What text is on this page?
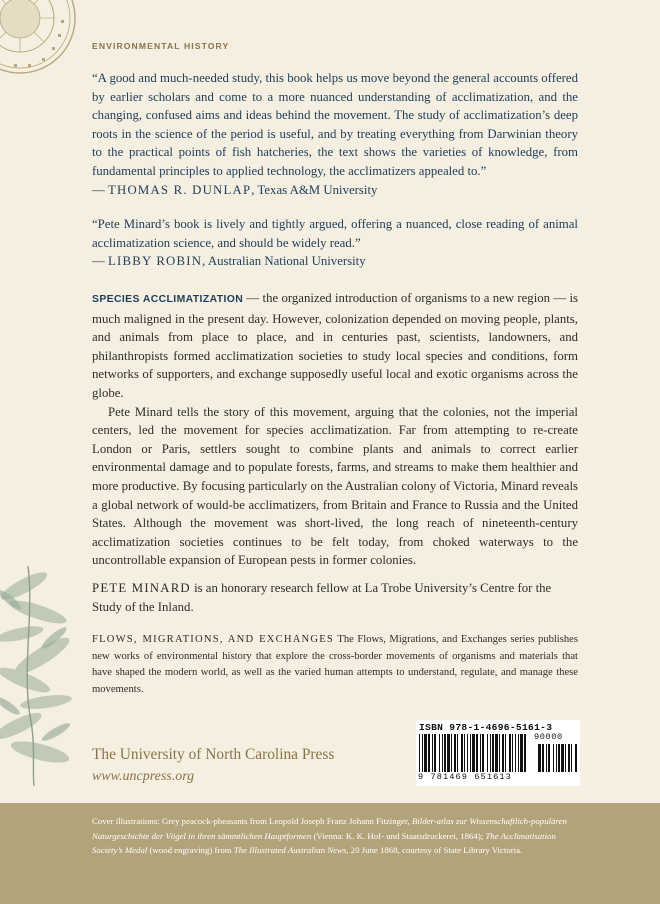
ENVIRONMENTAL HISTORY

“A good and much-needed study, this book helps us move beyond the general accounts offered by earlier scholars and come to a more nuanced understanding of acclimatization, and the changing, confused aims and ideas behind the movement. The study of acclimatization’s deep roots in the science of the period is useful, and by treating everything from Darwinian theory to the practical points of fish hatcheries, the text shows the varieties of knowledge, from fundamental principles to applied technology, the acclimatizers appealed to.”

— THOMAS R. DUNLAP, Texas A&M University

“Pete Minard’s book is lively and tightly argued, offering a nuanced, close reading of animal acclimatization science, and should be widely read.”

— LIBBY ROBIN, Australian National University

SPECIES ACCLIMATIZATION — the organized introduction of organisms to a new region — is much maligned in the present day. However, colonization depended on moving people, plants, and animals from place to place, and in centuries past, scientists, landowners, and philanthropists formed acclimatization societies to study local species and conditions, form networks of supporters, and exchange supposedly useful local and exotic organisms across the globe.

Pete Minard tells the story of this movement, arguing that the colonies, not the imperial centers, led the movement for species acclimatization. Far from attempting to re-create London or Paris, settlers sought to combine plants and animals to correct earlier environmental damage and to populate forests, farms, and streams to make them healthier and more productive. By focusing particularly on the Australian colony of Victoria, Minard reveals a global network of would-be acclimatizers, from Britain and France to Russia and the United States. Although the movement was short-lived, the long reach of nineteenth-century acclimatization societies continues to be felt today, from choked waterways to the uncontrollable expansion of European pests in former colonies.

PETE MINARD is an honorary research fellow at La Trobe University’s Centre for the Study of the Inland.

FLOWS, MIGRATIONS, AND EXCHANGES The Flows, Migrations, and Exchanges series publishes new works of environmental history that explore the cross-border movements of organisms and materials that have shaped the modern world, as well as the varied human attempts to understand, regulate, and manage these movements.

The University of North Carolina Press
www.uncpress.org
ISBN 978-1-4696-5161-3
9 781469 651613
90000

Cover illustrations: Grey peacock-pheasants from Leopold Joseph Franz Johann Fitzinger, Bilder-atlas zur Wissenschaftlich-populären Naturgeschichte der Vögel in ihren sämmtlichen Hauptformen (Vienna: K. K. Hof- und Staatsdruckerei, 1864); The Acclimatisation Society’s Medal (wood engraving) from The Illustrated Australian News, 20 June 1868, courtesy of State Library Victoria.
